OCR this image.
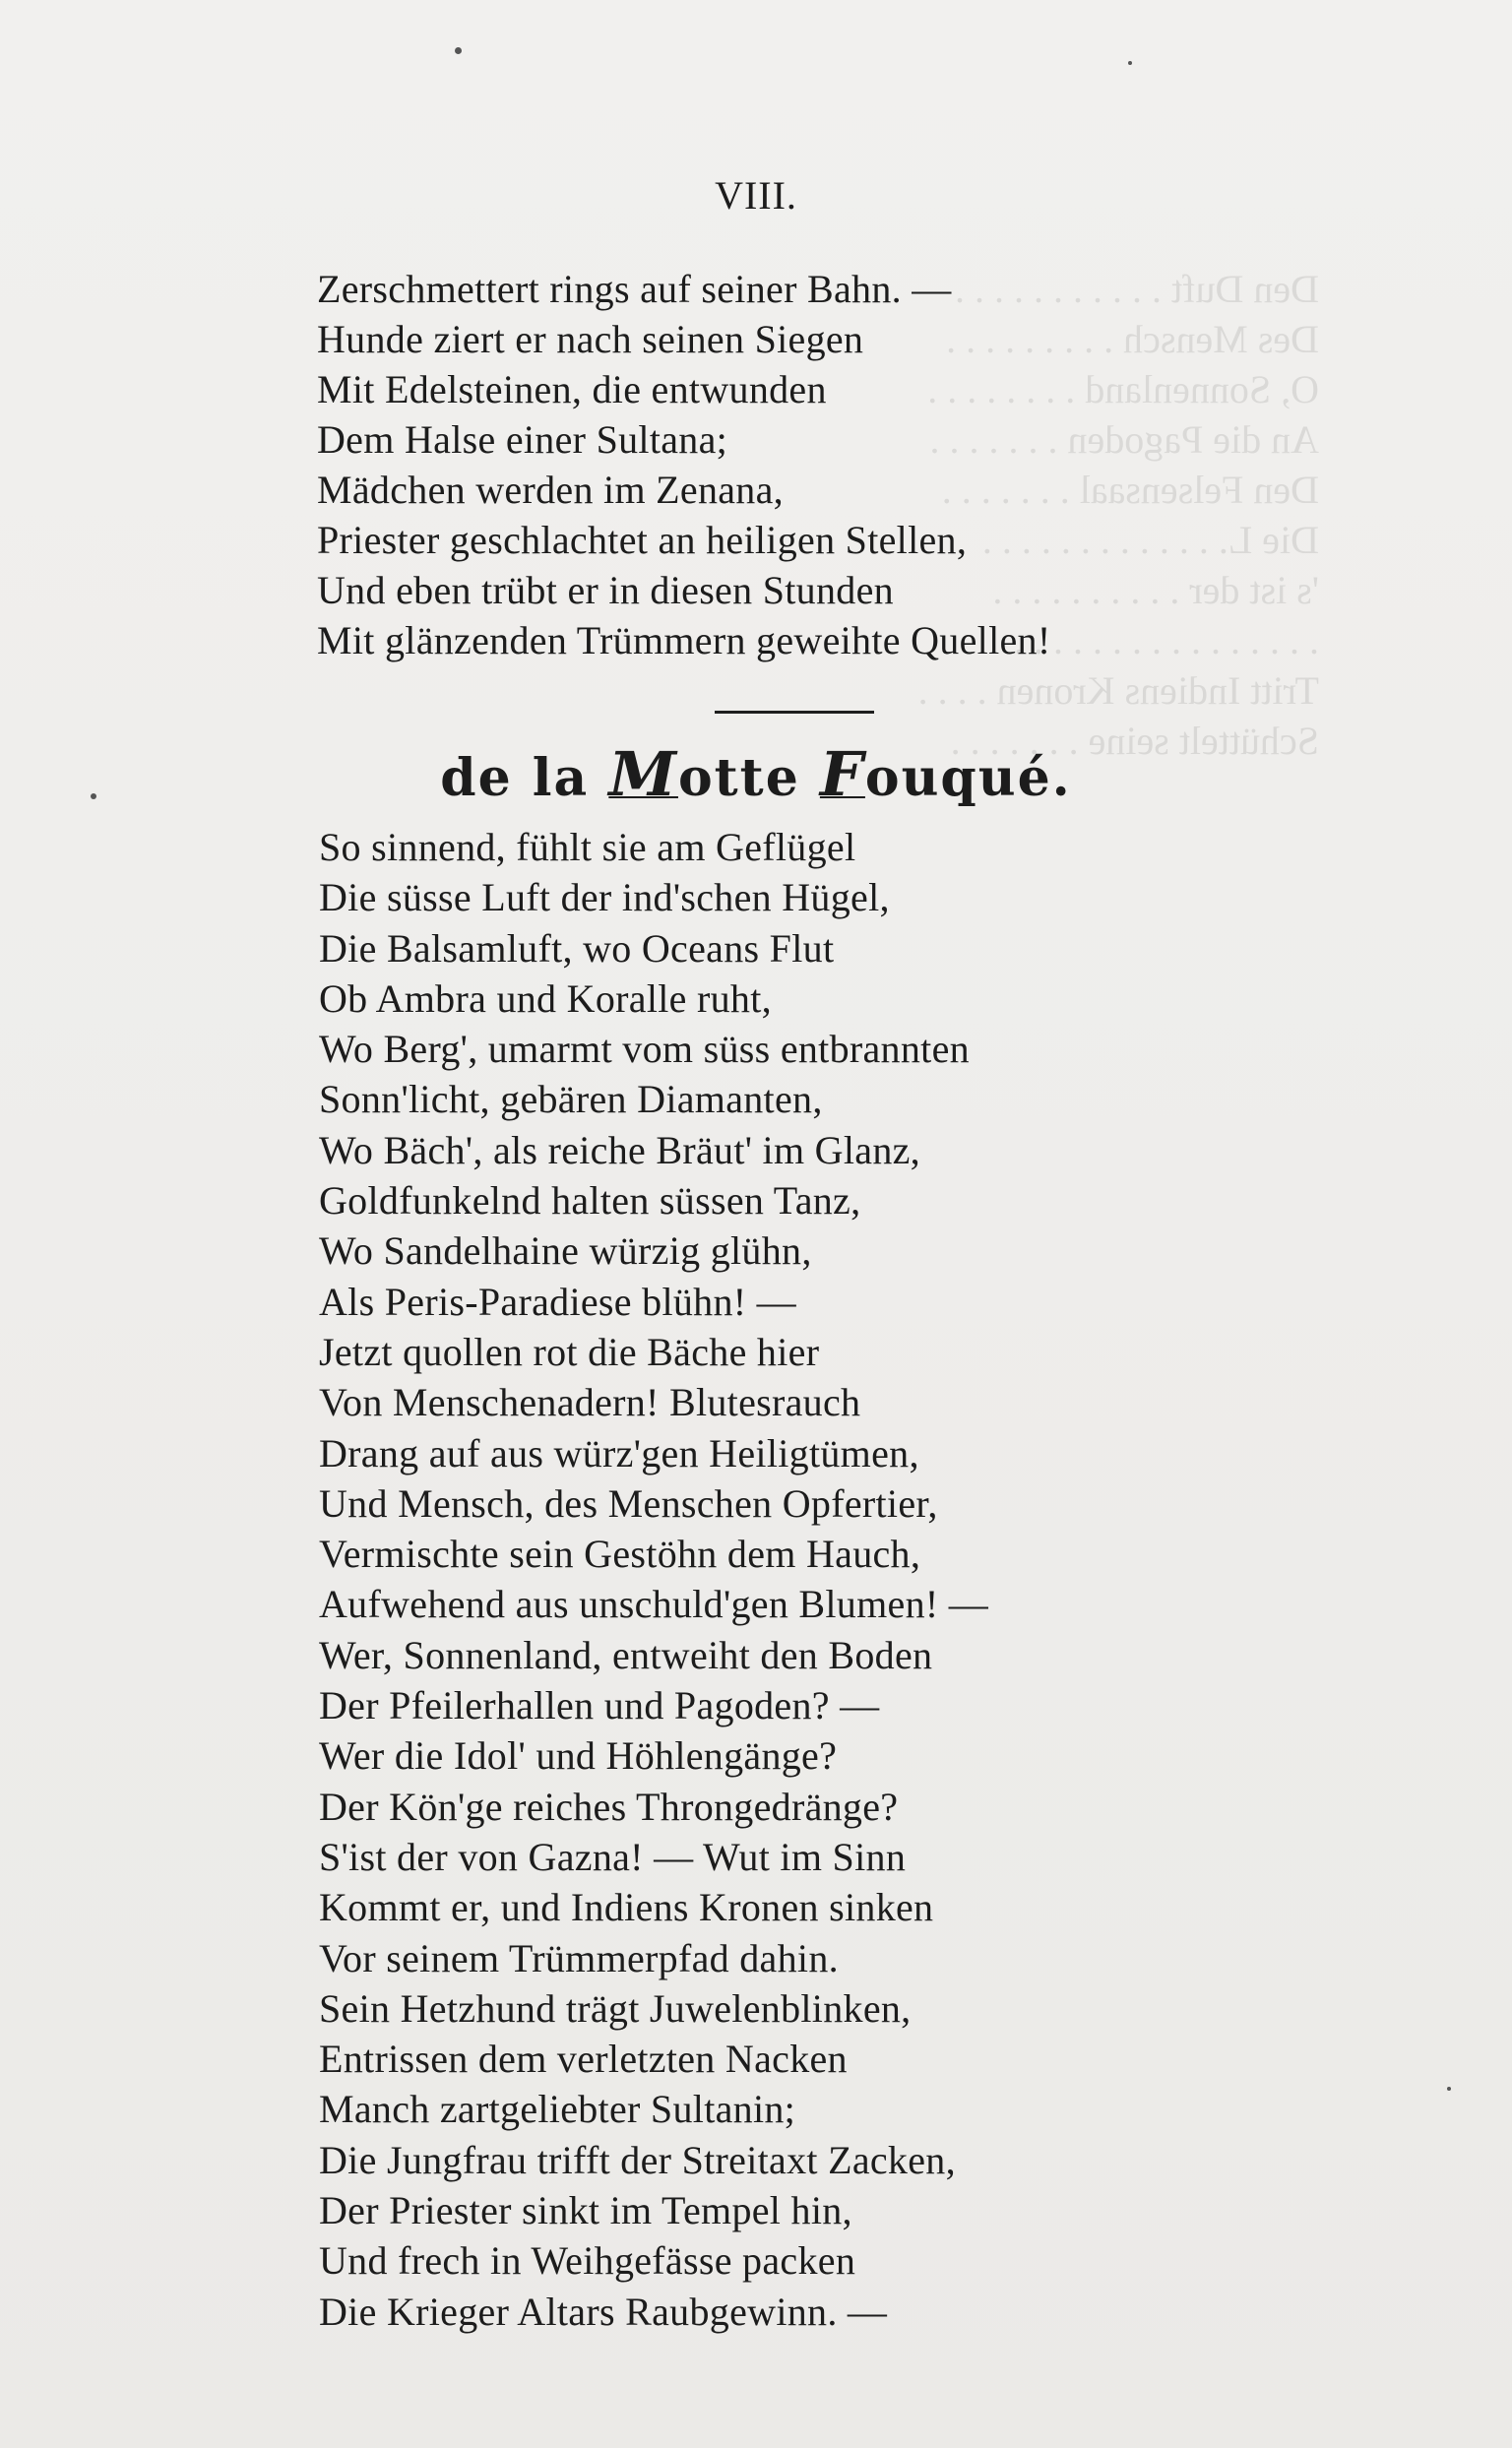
Den Duft . . . . . . . . . . .
Des Mensch . . . . . . . . .
O, Sonnenland . . . . . . . .
An die Pagoden . . . . . . .
Den Felsensaal . . . . . . .
Die L. . . . . . . . . . . . .
's ist der . . . . . . . . . .
. . . . . . . . . . . . . . . .
Tritt Indiens Kronen . . . .
Schüttelt seine . . . . . . .
VIII.
Zerschmettert rings auf seiner Bahn. —
Hunde ziert er nach seinen Siegen
Mit Edelsteinen, die entwunden
Dem Halse einer Sultana;
Mädchen werden im Zenana,
Priester geschlachtet an heiligen Stellen,
Und eben trübt er in diesen Stunden
Mit glänzenden Trümmern geweihte Quellen!
de la Motte Fouqué.
So sinnend, fühlt sie am Geflügel
Die süsse Luft der ind'schen Hügel,
Die Balsamluft, wo Oceans Flut
Ob Ambra und Koralle ruht,
Wo Berg', umarmt vom süss entbrannten
Sonn'licht, gebären Diamanten,
Wo Bäch', als reiche Bräut' im Glanz,
Goldfunkelnd halten süssen Tanz,
Wo Sandelhaine würzig glühn,
Als Peris-Paradiese blühn! —
Jetzt quollen rot die Bäche hier
Von Menschenadern! Blutesrauch
Drang auf aus würz'gen Heiligtümen,
Und Mensch, des Menschen Opfertier,
Vermischte sein Gestöhn dem Hauch,
Aufwehend aus unschuld'gen Blumen! —
Wer, Sonnenland, entweiht den Boden
Der Pfeilerhallen und Pagoden? —
Wer die Idol' und Höhlengänge?
Der Kön'ge reiches Throngedränge?
S'ist der von Gazna! — Wut im Sinn
Kommt er, und Indiens Kronen sinken
Vor seinem Trümmerpfad dahin.
Sein Hetzhund trägt Juwelenblinken,
Entrissen dem verletzten Nacken
Manch zartgeliebter Sultanin;
Die Jungfrau trifft der Streitaxt Zacken,
Der Priester sinkt im Tempel hin,
Und frech in Weihgefässe packen
Die Krieger Altars Raubgewinn. —
